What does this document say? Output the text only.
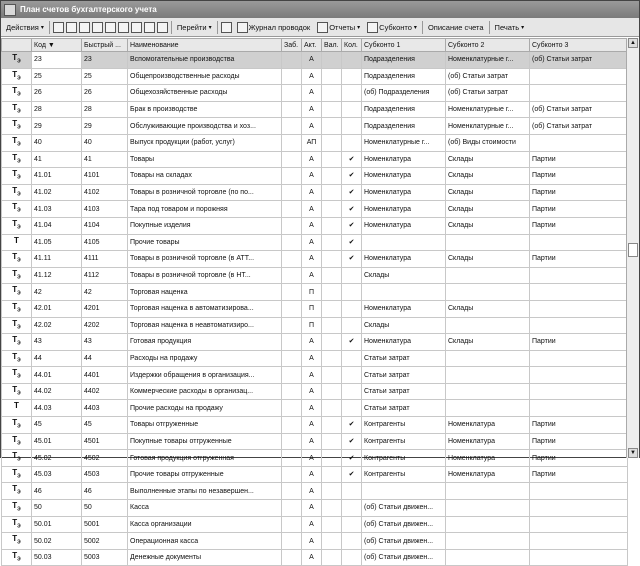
План счетов бухгалтерского учета
Действия ▾	Перейти ▾	Журнал проводок	Отчеты ▾	Субконто ▾ Описание счета Печать ▾
	Код ▼	Быстрый ...	Наименование	Заб.	Акт.	Вал.	Кол.	Субконто 1	Субконто 2	Субконто 3
$Т_Э$	23	23	Вспомогательные производства		А			Подразделения	Номенклатурные г...	(об) Статьи затрат
$Т_Э$	25	25	Общепроизводственные расходы		А			Подразделения	(об) Статьи затрат	
$Т_Э$	26	26	Общехозяйственные расходы		А			(об) Подразделения	(об) Статьи затрат	
$Т_Э$	28	28	Брак в производстве		А			Подразделения	Номенклатурные г...	(об) Статьи затрат
$Т_Э$	29	29	Обслуживающие производства и хоз...		А			Подразделения	Номенклатурные г...	(об) Статьи затрат
$Т_Э$	40	40	Выпуск продукции (работ, услуг)		АП			Номенклатурные г...	(об) Виды стоимости	
$Т_Э$	41	41	Товары		А		✔	Номенклатура	Склады	Партии
$Т_Э$	41.01	4101	Товары на складах		А		✔	Номенклатура	Склады	Партии
$Т_Э$	41.02	4102	Товары в розничной торговле (по по...		А		✔	Номенклатура	Склады	Партии
$Т_Э$	41.03	4103	Тара под товаром и порожняя		А		✔	Номенклатура	Склады	Партии
$Т_Э$	41.04	4104	Покупные изделия		А		✔	Номенклатура	Склады	Партии
Т	41.05	4105	Прочие товары		А		✔			
$Т_Э$	41.11	4111	Товары в розничной торговле (в АТТ...		А		✔	Номенклатура	Склады	Партии
$Т_Э$	41.12	4112	Товары в розничной торговле (в НТ...		А			Склады		
$Т_Э$	42	42	Торговая наценка		П					
$Т_Э$	42.01	4201	Торговая наценка в автоматизирова...		П			Номенклатура	Склады	
$Т_Э$	42.02	4202	Торговая наценка в неавтоматизиро...		П			Склады		
$Т_Э$	43	43	Готовая продукция		А		✔	Номенклатура	Склады	Партии
$Т_Э$	44	44	Расходы на продажу		А			Статьи затрат		
$Т_Э$	44.01	4401	Издержки обращения в организация...		А			Статьи затрат		
$Т_Э$	44.02	4402	Коммерческие расходы в организац...		А			Статьи затрат		
Т	44.03	4403	Прочие расходы на продажу		А			Статьи затрат		
$Т_Э$	45	45	Товары отгруженные		А		✔	Контрагенты	Номенклатура	Партии
$Т_Э$	45.01	4501	Покупные товары отгруженные		А		✔	Контрагенты	Номенклатура	Партии
$Т_Э$	45.02	4502	Готовая продукция отгруженная		А		✔	Контрагенты	Номенклатура	Партии
$Т_Э$	45.03	4503	Прочие товары отгруженные		А		✔	Контрагенты	Номенклатура	Партии
$Т_Э$	46	46	Выполненные этапы по незавершен...		А					
$Т_Э$	50	50	Касса		А			(об) Статьи движен...		
$Т_Э$	50.01	5001	Касса организации		А			(об) Статьи движен...		
$Т_Э$	50.02	5002	Операционная касса		А			(об) Статьи движен...		
$Т_Э$	50.03	5003	Денежные документы		А			(об) Статьи движен...		
▲
▼
